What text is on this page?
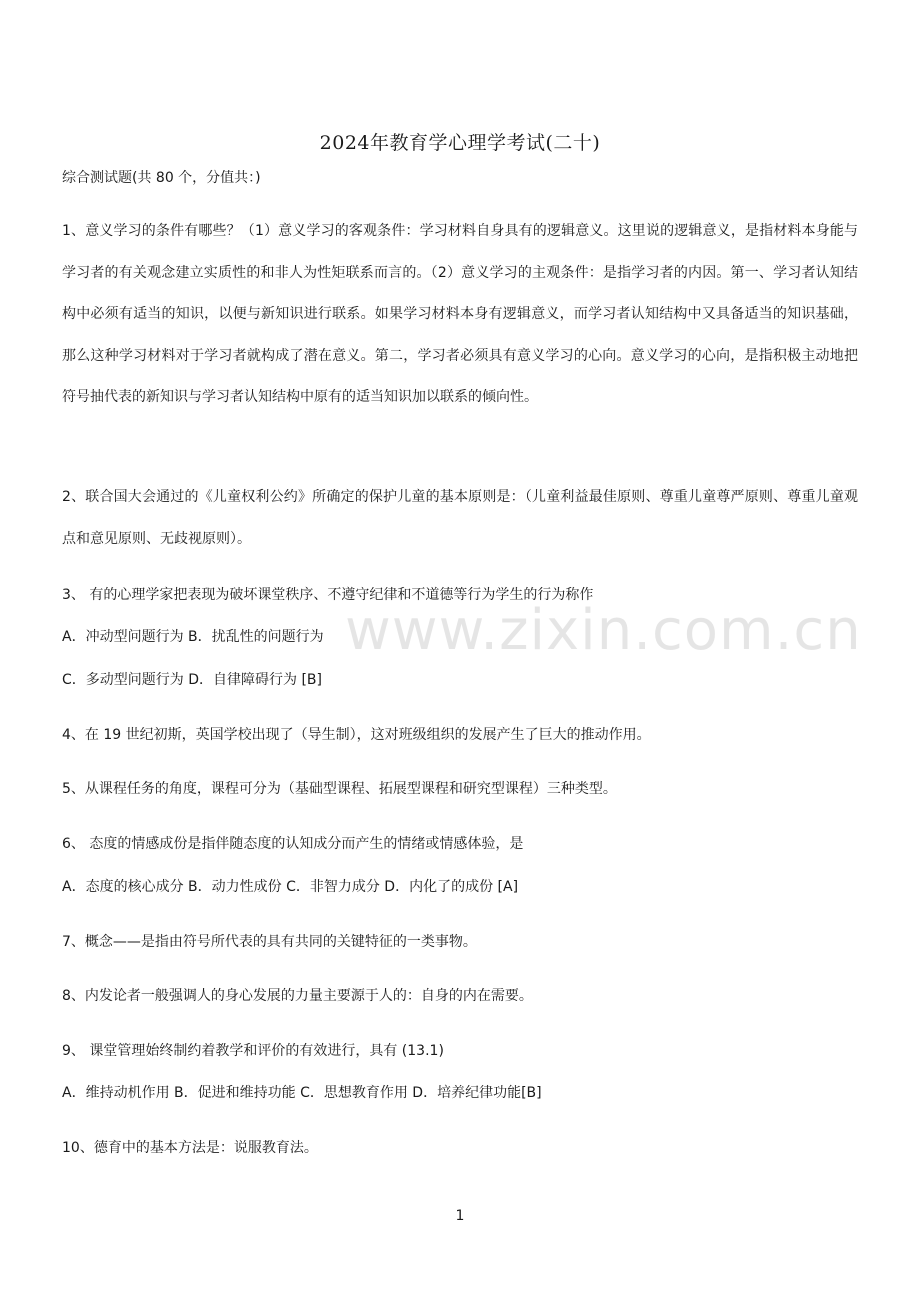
2024年教育学心理学考试(二十)
综合测试题(共 80 个，分值共：)
1、意义学习的条件有哪些？（1）意义学习的客观条件：学习材料自身具有的逻辑意义。这里说的逻辑意义，是指材料本身能与学习者的有关观念建立实质性的和非人为性矩联系而言的。（2）意义学习的主观条件：是指学习者的内因。第一、学习者认知结构中必须有适当的知识，以便与新知识进行联系。如果学习材料本身有逻辑意义，而学习者认知结构中又具备适当的知识基础，那么这种学习材料对于学习者就构成了潜在意义。第二，学习者必须具有意义学习的心向。意义学习的心向，是指积极主动地把符号抽代表的新知识与学习者认知结构中原有的适当知识加以联系的倾向性。
2、联合国大会通过的《儿童权利公约》所确定的保护儿童的基本原则是：（儿童利益最佳原则、尊重儿童尊严原则、尊重儿童观点和意见原则、无歧视原则）。
3、 有的心理学家把表现为破坏课堂秩序、不遵守纪律和不道德等行为学生的行为称作
A．冲动型问题行为 B．扰乱性的问题行为
C．多动型问题行为 D．自律障碍行为 [B]
4、在 19 世纪初斯，英国学校出现了（导生制），这对班级组织的发展产生了巨大的推动作用。
5、从课程任务的角度，课程可分为（基础型课程、拓展型课程和研究型课程）三种类型。
6、 态度的情感成份是指伴随态度的认知成分而产生的情绪或情感体验，是
A．态度的核心成分 B．动力性成份 C．非智力成分 D．内化了的成份 [A]
7、概念——是指由符号所代表的具有共同的关键特征的一类事物。
8、内发论者一般强调人的身心发展的力量主要源于人的：自身的内在需要。
9、 课堂管理始终制约着教学和评价的有效进行，具有 (13.1)
A．维持动机作用 B．促进和维持功能 C．思想教育作用 D．培养纪律功能[B]
10、德育中的基本方法是：说服教育法。
www.zixin.com.cn
1
